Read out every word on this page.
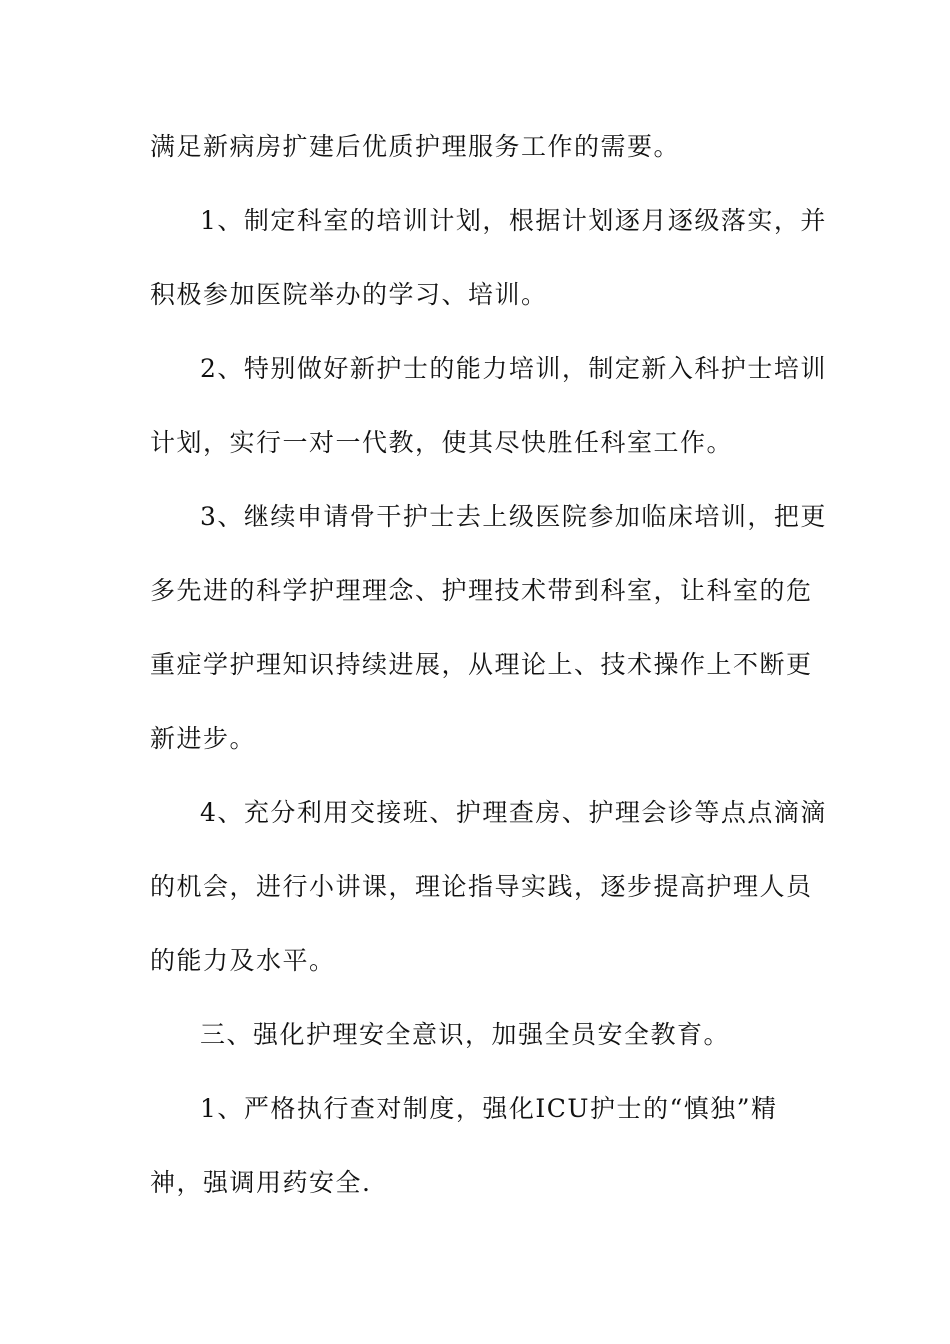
满足新病房扩建后优质护理服务工作的需要。
1、制定科室的培训计划，根据计划逐月逐级落实，并
积极参加医院举办的学习、培训。
2、特别做好新护士的能力培训，制定新入科护士培训
计划，实行一对一代教，使其尽快胜任科室工作。
3、继续申请骨干护士去上级医院参加临床培训，把更
多先进的科学护理理念、护理技术带到科室，让科室的危
重症学护理知识持续进展，从理论上、技术操作上不断更
新进步。
4、充分利用交接班、护理查房、护理会诊等点点滴滴
的机会，进行小讲课，理论指导实践，逐步提高护理人员
的能力及水平。
三、强化护理安全意识，加强全员安全教育。
1、严格执行查对制度，强化ICU护士的“慎独”精
神，强调用药安全.
